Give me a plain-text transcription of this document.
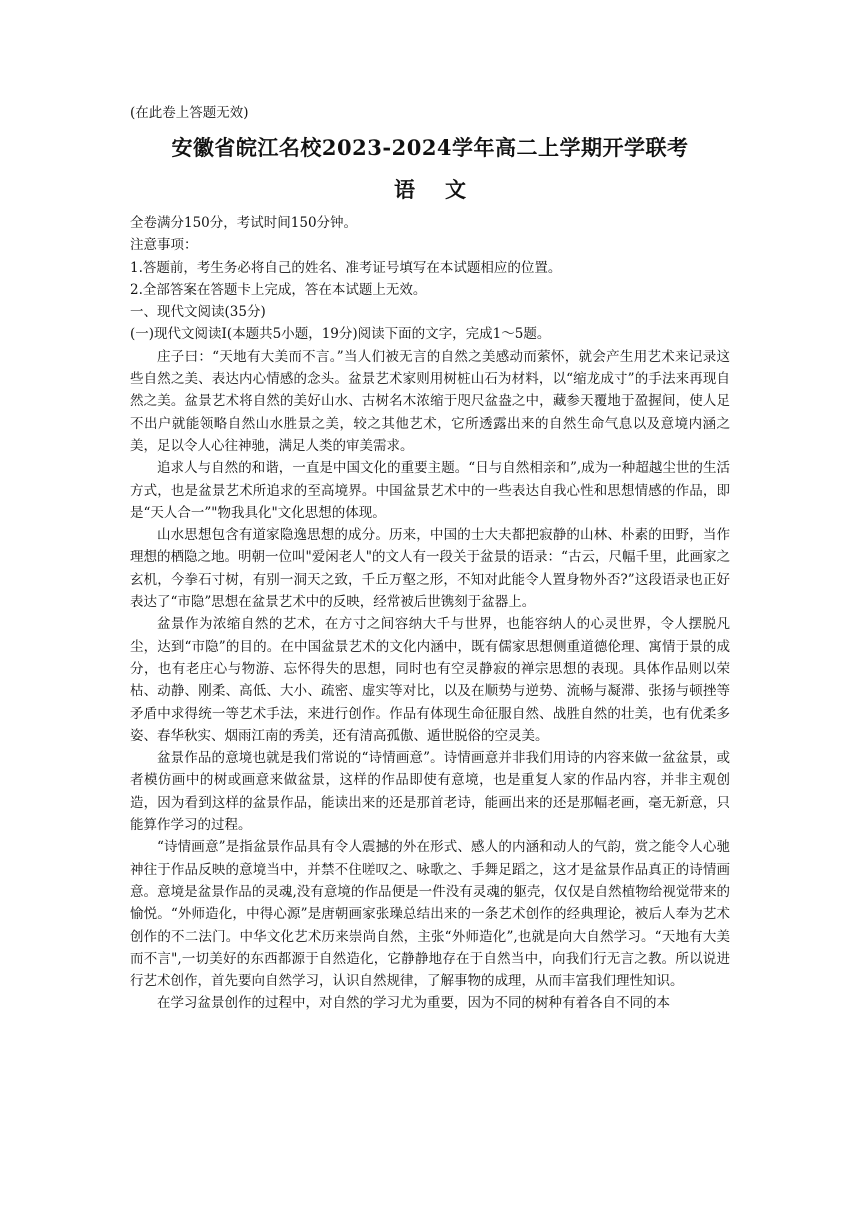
(在此卷上答题无效)

安徽省皖江名校2023-2024学年高二上学期开学联考
语文

全卷满分150分，考试时间150分钟。

注意事项：

1.答题前，考生务必将自己的姓名、准考证号填写在本试题相应的位置。

2.全部答案在答题卡上完成，答在本试题上无效。

一、现代文阅读(35分)

(一)现代文阅读I(本题共5小题，19分)阅读下面的文字，完成1～5题。

庄子曰：“天地有大美而不言。”当人们被无言的自然之美感动而萦怀，就会产生用艺术来记录这些自然之美、表达内心情感的念头。盆景艺术家则用树桩山石为材料，以“缩龙成寸”的手法来再现自然之美。盆景艺术将自然的美好山水、古树名木浓缩于咫尺盆盎之中，藏参天覆地于盈握间，使人足不出户就能领略自然山水胜景之美，较之其他艺术，它所透露出来的自然生命气息以及意境内涵之美，足以令人心往神驰，满足人类的审美需求。

追求人与自然的和谐，一直是中国文化的重要主题。“日与自然相亲和”,成为一种超越尘世的生活方式，也是盆景艺术所追求的至高境界。中国盆景艺术中的一些表达自我心性和思想情感的作品，即是“天人合一”"物我具化"文化思想的体现。

山水思想包含有道家隐逸思想的成分。历来，中国的士大夫都把寂静的山林、朴素的田野，当作理想的栖隐之地。明朝一位叫"爱闲老人"的文人有一段关于盆景的语录：“古云，尺幅千里，此画家之玄机，今拳石寸树，有别一洞天之致，千丘万壑之形，不知对此能令人置身物外否?”这段语录也正好表达了“市隐”思想在盆景艺术中的反映，经常被后世镌刻于盆器上。

盆景作为浓缩自然的艺术，在方寸之间容纳大千与世界，也能容纳人的心灵世界，令人摆脱凡尘，达到“市隐”的目的。在中国盆景艺术的文化内涵中，既有儒家思想侧重道德伦理、寓情于景的成分，也有老庄心与物游、忘怀得失的思想，同时也有空灵静寂的禅宗思想的表现。具体作品则以荣枯、动静、刚柔、高低、大小、疏密、虚实等对比，以及在顺势与逆势、流畅与凝滞、张扬与顿挫等矛盾中求得统一等艺术手法，来进行创作。作品有体现生命征服自然、战胜自然的壮美，也有优柔多姿、春华秋实、烟雨江南的秀美，还有清高孤傲、遁世脱俗的空灵美。

盆景作品的意境也就是我们常说的“诗情画意”。诗情画意并非我们用诗的内容来做一盆盆景，或者模仿画中的树或画意来做盆景，这样的作品即使有意境，也是重复人家的作品内容，并非主观创造，因为看到这样的盆景作品，能读出来的还是那首老诗，能画出来的还是那幅老画，毫无新意，只能算作学习的过程。

“诗情画意”是指盆景作品具有令人震撼的外在形式、感人的内涵和动人的气韵，赏之能令人心驰神往于作品反映的意境当中，并禁不住嗟叹之、咏歌之、手舞足蹈之，这才是盆景作品真正的诗情画意。意境是盆景作品的灵魂,没有意境的作品便是一件没有灵魂的躯壳，仅仅是自然植物给视觉带来的愉悦。“外师造化，中得心源”是唐朝画家张璪总结出来的一条艺术创作的经典理论，被后人奉为艺术创作的不二法门。中华文化艺术历来崇尚自然，主张“外师造化”,也就是向大自然学习。“天地有大美而不言",一切美好的东西都源于自然造化，它静静地存在于自然当中，向我们行无言之教。所以说进行艺术创作，首先要向自然学习，认识自然规律，了解事物的成理，从而丰富我们理性知识。

在学习盆景创作的过程中，对自然的学习尤为重要，因为不同的树种有着各自不同的本
